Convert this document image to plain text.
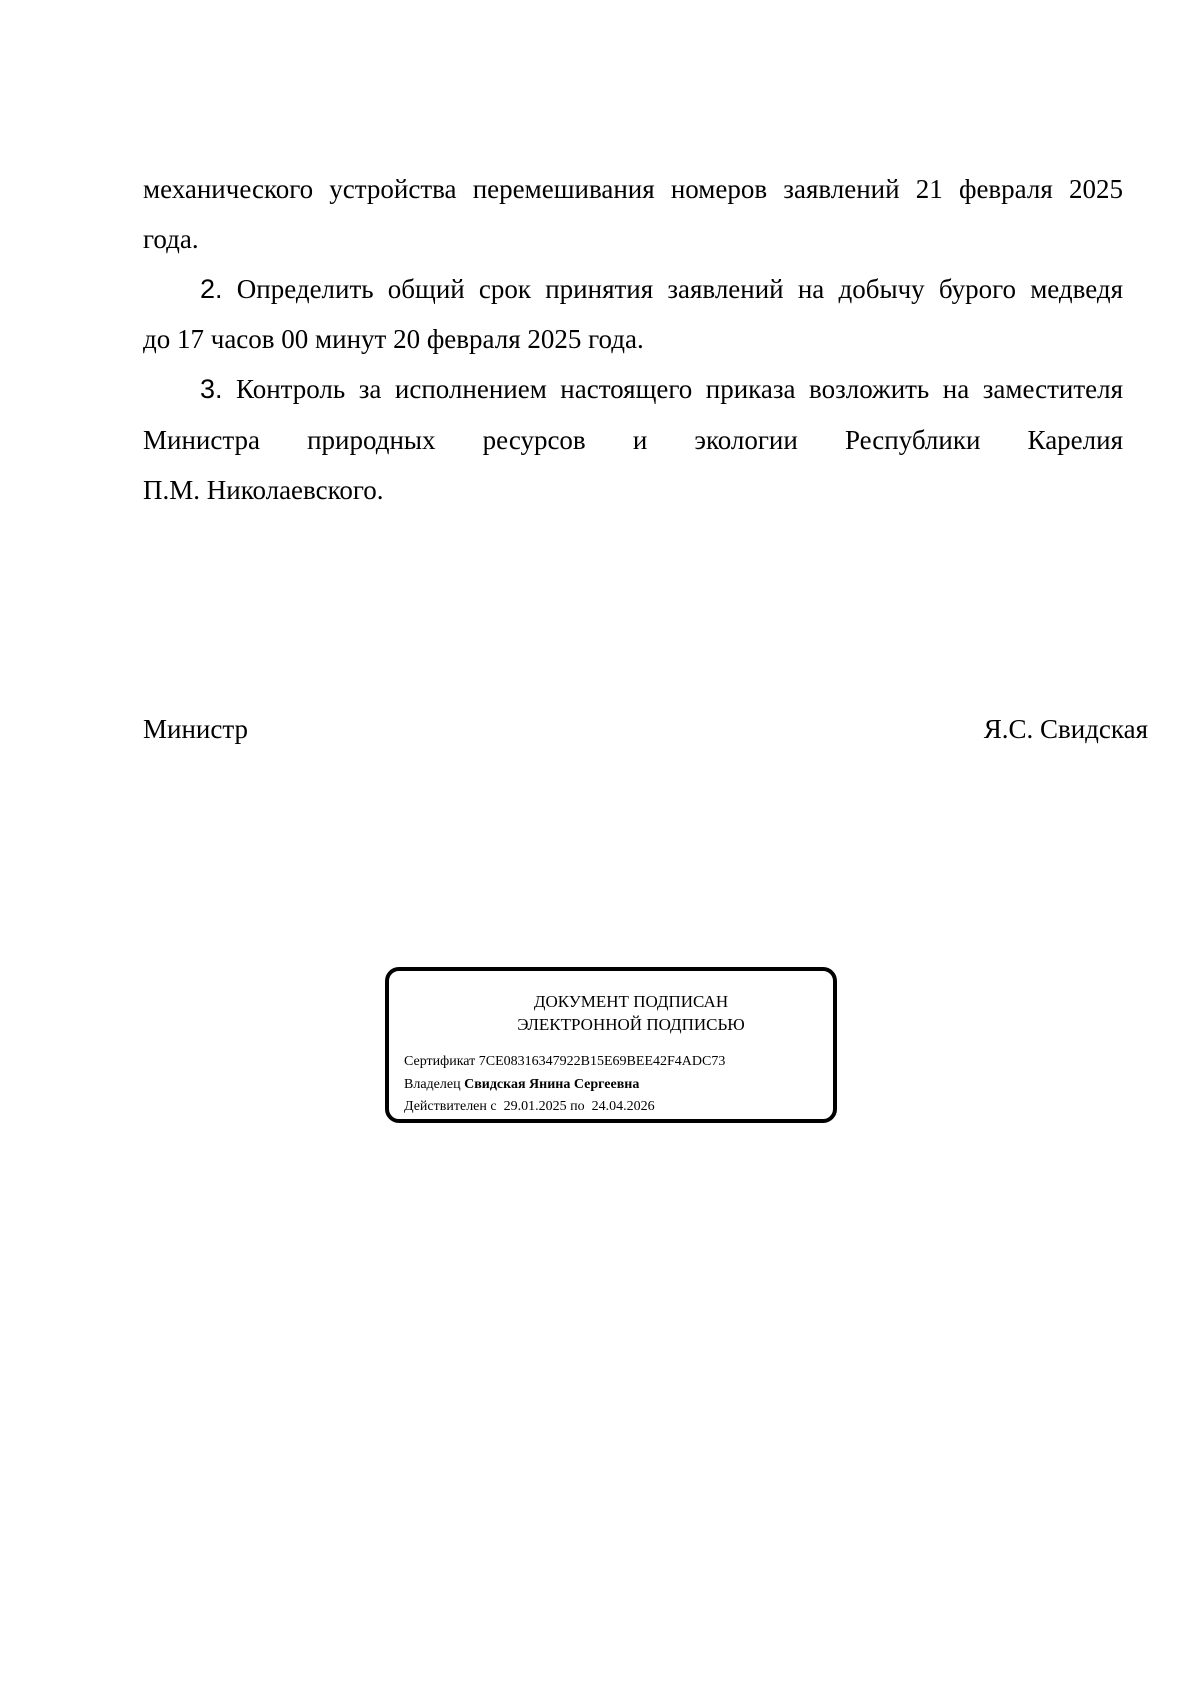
механического устройства перемешивания номеров заявлений 21 февраля 2025
года.
2. Определить общий срок принятия заявлений на добычу бурого медведя
до 17 часов 00 минут 20 февраля 2025 года.
3. Контроль за исполнением настоящего приказа возложить на заместителя
Министра природных ресурсов и экологии Республики Карелия
П.М. Николаевского.
Министр	Я.С. Свидская
ДОКУМЕНТ ПОДПИСАН
ЭЛЕКТРОННОЙ ПОДПИСЬЮ
Сертификат 7CE08316347922B15E69BEE42F4ADC73
Владелец Свидская Янина Сергеевна
Действителен с 29.01.2025 по 24.04.2026
